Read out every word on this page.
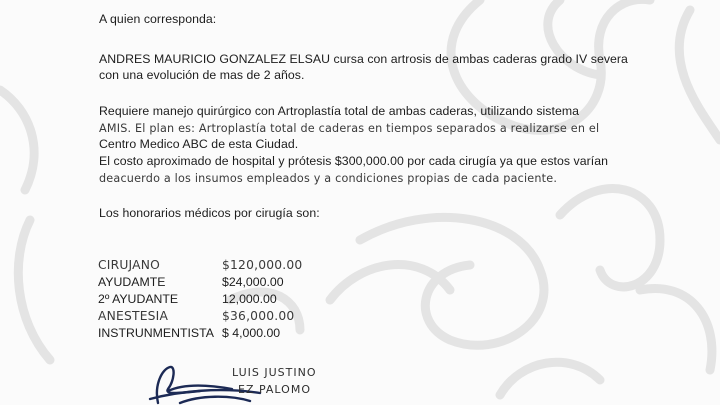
A quien corresponda:
ANDRES MAURICIO GONZALEZ ELSAU cursa con artrosis de ambas caderas grado IV severa
con una evolución de mas de 2 años.
Requiere manejo quirúrgico con Artroplastía total de ambas caderas, utilizando sistema
AMIS. El plan es: Artroplastía total de caderas en tiempos separados a realizarse en el
Centro Medico ABC de esta Ciudad.
El costo aproximado de hospital y prótesis $300,000.00 por cada cirugía ya que estos varían
deacuerdo a los insumos empleados y a condiciones propias de cada paciente.
Los honorarios médicos por cirugía son:
CIRUJANO	$120,000.00
AYUDAMTE	$24,000.00
2º AYUDANTE	12,000.00
ANESTESIA	$36,000.00
INSTRUNMENTISTA $ 4,000.00
LUIS JUSTINO
EZ PALOMO
